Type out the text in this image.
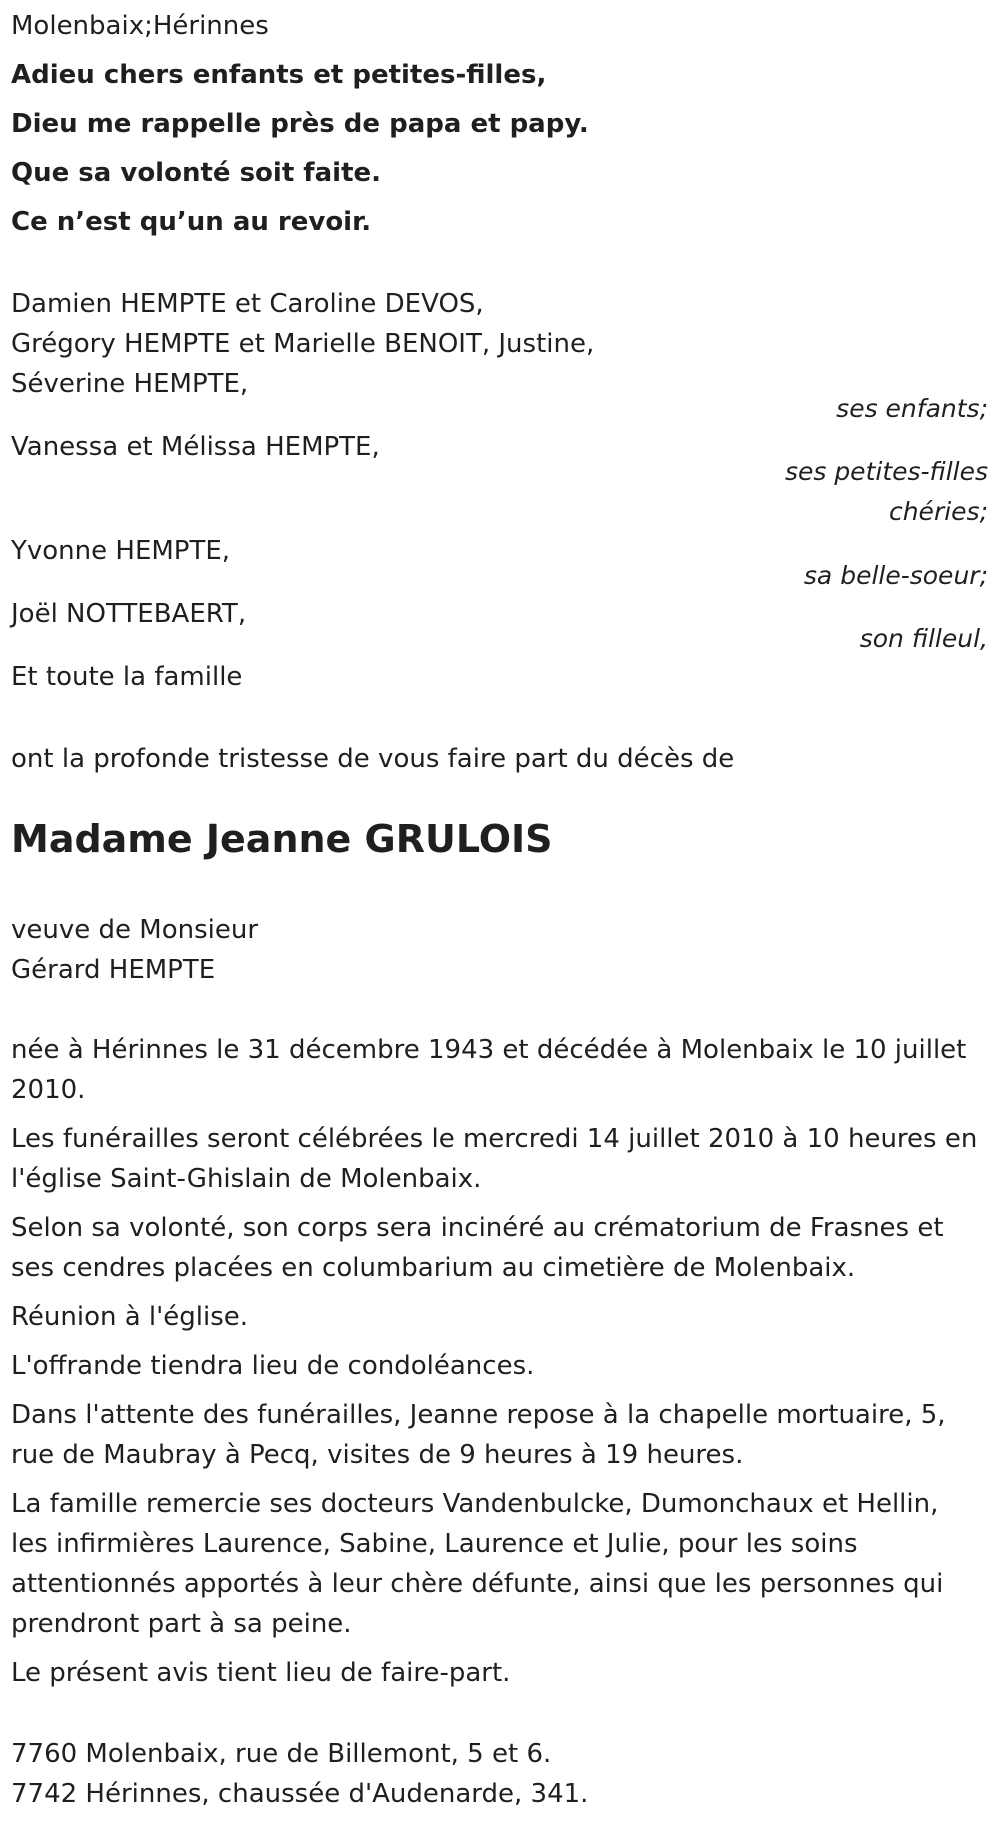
Molenbaix;Hérinnes
Adieu chers enfants et petites-filles,
Dieu me rappelle près de papa et papy.
Que sa volonté soit faite.
Ce n’est qu’un au revoir.
Damien HEMPTE et Caroline DEVOS,
Grégory HEMPTE et Marielle BENOIT, Justine,
Séverine HEMPTE,
ses enfants;
Vanessa et Mélissa HEMPTE,
ses petites-filles
chéries;
Yvonne HEMPTE,
sa belle-soeur;
Joël NOTTEBAERT,
son filleul,
Et toute la famille
ont la profonde tristesse de vous faire part du décès de
Madame Jeanne GRULOIS
veuve de Monsieur
Gérard HEMPTE
née à Hérinnes le 31 décembre 1943 et décédée à Molenbaix le 10 juillet
2010.
Les funérailles seront célébrées le mercredi 14 juillet 2010 à 10 heures en
l'église Saint-Ghislain de Molenbaix.
Selon sa volonté, son corps sera incinéré au crématorium de Frasnes et
ses cendres placées en columbarium au cimetière de Molenbaix.
Réunion à l'église.
L'offrande tiendra lieu de condoléances.
Dans l'attente des funérailles, Jeanne repose à la chapelle mortuaire, 5,
rue de Maubray à Pecq, visites de 9 heures à 19 heures.
La famille remercie ses docteurs Vandenbulcke, Dumonchaux et Hellin,
les infirmières Laurence, Sabine, Laurence et Julie, pour les soins
attentionnés apportés à leur chère défunte, ainsi que les personnes qui
prendront part à sa peine.
Le présent avis tient lieu de faire-part.
7760 Molenbaix, rue de Billemont, 5 et 6.
7742 Hérinnes, chaussée d'Audenarde, 341.
